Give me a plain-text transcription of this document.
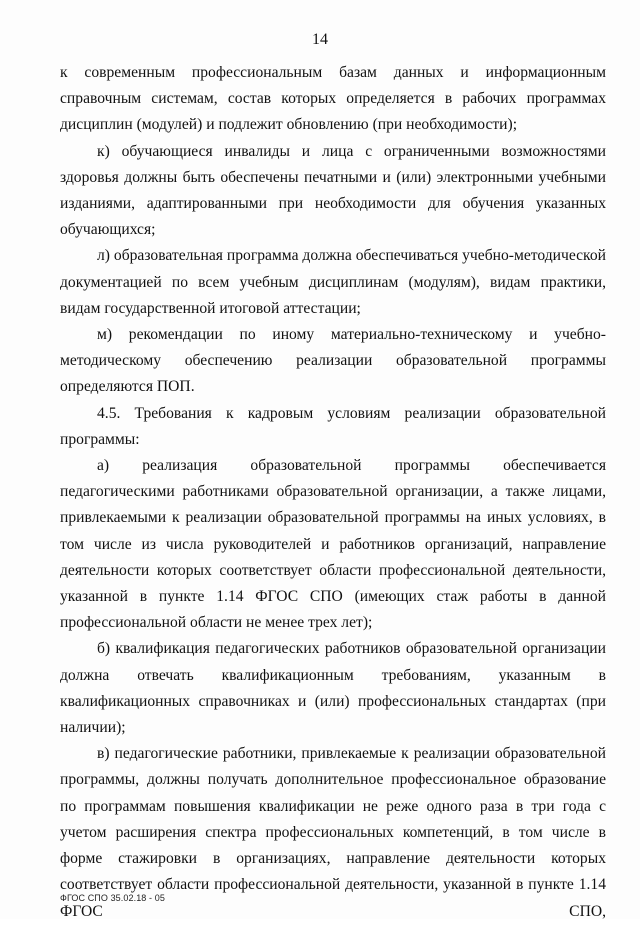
14

к современным профессиональным базам данных и информационным справочным системам, состав которых определяется в рабочих программах дисциплин (модулей) и подлежит обновлению (при необходимости);

к) обучающиеся инвалиды и лица с ограниченными возможностями здоровья должны быть обеспечены печатными и (или) электронными учебными изданиями, адаптированными при необходимости для обучения указанных обучающихся;

л) образовательная программа должна обеспечиваться учебно-методической документацией по всем учебным дисциплинам (модулям), видам практики, видам государственной итоговой аттестации;

м) рекомендации по иному материально-техническому и учебно-методическому обеспечению реализации образовательной программы определяются ПОП.

4.5. Требования к кадровым условиям реализации образовательной программы:

а) реализация образовательной программы обеспечивается педагогическими работниками образовательной организации, а также лицами, привлекаемыми к реализации образовательной программы на иных условиях, в том числе из числа руководителей и работников организаций, направление деятельности которых соответствует области профессиональной деятельности, указанной в пункте 1.14 ФГОС СПО (имеющих стаж работы в данной профессиональной области не менее трех лет);

б) квалификация педагогических работников образовательной организации должна отвечать квалификационным требованиям, указанным в квалификационных справочниках и (или) профессиональных стандартах (при наличии);

в) педагогические работники, привлекаемые к реализации образовательной программы, должны получать дополнительное профессиональное образование по программам повышения квалификации не реже одного раза в три года с учетом расширения спектра профессиональных компетенций, в том числе в форме стажировки в организациях, направление деятельности которых соответствует области профессиональной деятельности, указанной в пункте 1.14 ФГОС СПО,

ФГОС СПО 35.02.18 - 05
